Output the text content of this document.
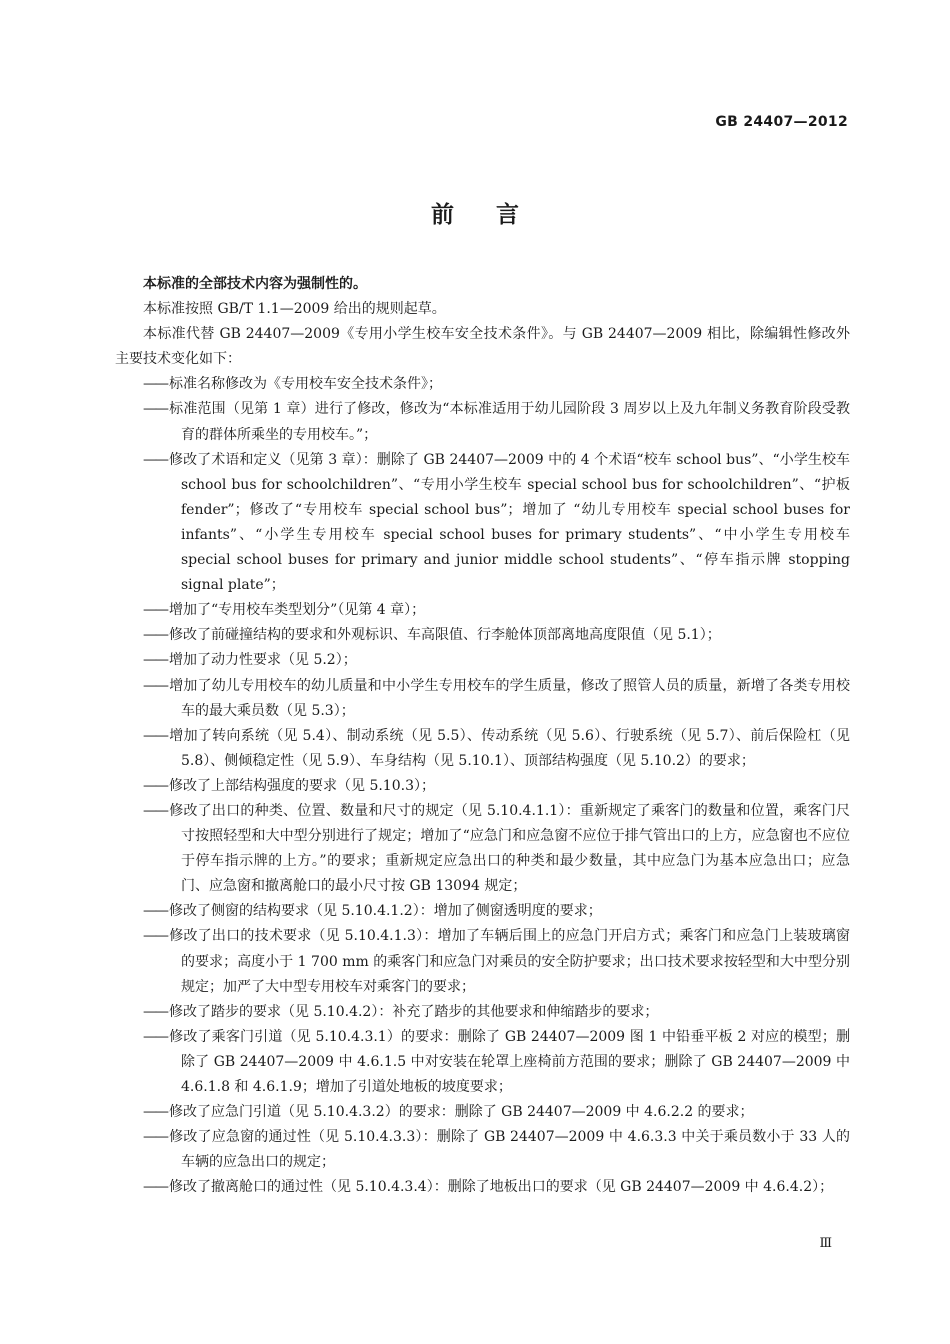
GB 24407—2012
前言

本标准的全部技术内容为强制性的。

本标准按照 GB/T 1.1—2009 给出的规则起草。

本标准代替 GB 24407—2009《专用小学生校车安全技术条件》。与 GB 24407—2009 相比，除编辑性修改外主要技术变化如下：

—— 标准名称修改为《专用校车安全技术条件》；

—— 标准范围（见第 1 章）进行了修改，修改为“本标准适用于幼儿园阶段 3 周岁以上及九年制义务教育阶段受教育的群体所乘坐的专用校车。”；

—— 修改了术语和定义（见第 3 章）：删除了 GB 24407—2009 中的 4 个术语“校车 school bus”、“小学生校车 school bus for schoolchildren”、“专用小学生校车 special school bus for schoolchildren”、“护板 fender”；修改了“专用校车 special school bus”；增加了 “幼儿专用校车 special school buses for infants”、“小学生专用校车 special school buses for primary students”、“中小学生专用校车 special school buses for primary and junior middle school students”、“停车指示牌 stopping signal plate”；

—— 增加了“专用校车类型划分”（见第 4 章）；

—— 修改了前碰撞结构的要求和外观标识、车高限值、行李舱体顶部离地高度限值（见 5.1）；

—— 增加了动力性要求（见 5.2）；

—— 增加了幼儿专用校车的幼儿质量和中小学生专用校车的学生质量，修改了照管人员的质量，新增了各类专用校车的最大乘员数（见 5.3）；

—— 增加了转向系统（见 5.4）、制动系统（见 5.5）、传动系统（见 5.6）、行驶系统（见 5.7）、前后保险杠（见 5.8）、侧倾稳定性（见 5.9）、车身结构（见 5.10.1）、顶部结构强度（见 5.10.2）的要求；

—— 修改了上部结构强度的要求（见 5.10.3）；

—— 修改了出口的种类、位置、数量和尺寸的规定（见 5.10.4.1.1）：重新规定了乘客门的数量和位置，乘客门尺寸按照轻型和大中型分别进行了规定；增加了“应急门和应急窗不应位于排气管出口的上方，应急窗也不应位于停车指示牌的上方。”的要求；重新规定应急出口的种类和最少数量，其中应急门为基本应急出口；应急门、应急窗和撤离舱口的最小尺寸按 GB 13094 规定；

—— 修改了侧窗的结构要求（见 5.10.4.1.2）：增加了侧窗透明度的要求；

—— 修改了出口的技术要求（见 5.10.4.1.3）：增加了车辆后围上的应急门开启方式；乘客门和应急门上装玻璃窗的要求；高度小于 1 700 mm 的乘客门和应急门对乘员的安全防护要求；出口技术要求按轻型和大中型分别规定；加严了大中型专用校车对乘客门的要求；

—— 修改了踏步的要求（见 5.10.4.2）：补充了踏步的其他要求和伸缩踏步的要求；

—— 修改了乘客门引道（见 5.10.4.3.1）的要求：删除了 GB 24407—2009 图 1 中铅垂平板 2 对应的模型；删除了 GB 24407—2009 中 4.6.1.5 中对安装在轮罩上座椅前方范围的要求；删除了 GB 24407—2009 中 4.6.1.8 和 4.6.1.9；增加了引道处地板的坡度要求；

—— 修改了应急门引道（见 5.10.4.3.2）的要求：删除了 GB 24407—2009 中 4.6.2.2 的要求；

—— 修改了应急窗的通过性（见 5.10.4.3.3）：删除了 GB 24407—2009 中 4.6.3.3 中关于乘员数小于 33 人的车辆的应急出口的规定；

—— 修改了撤离舱口的通过性（见 5.10.4.3.4）：删除了地板出口的要求（见 GB 24407—2009 中 4.6.4.2）；

Ⅲ
